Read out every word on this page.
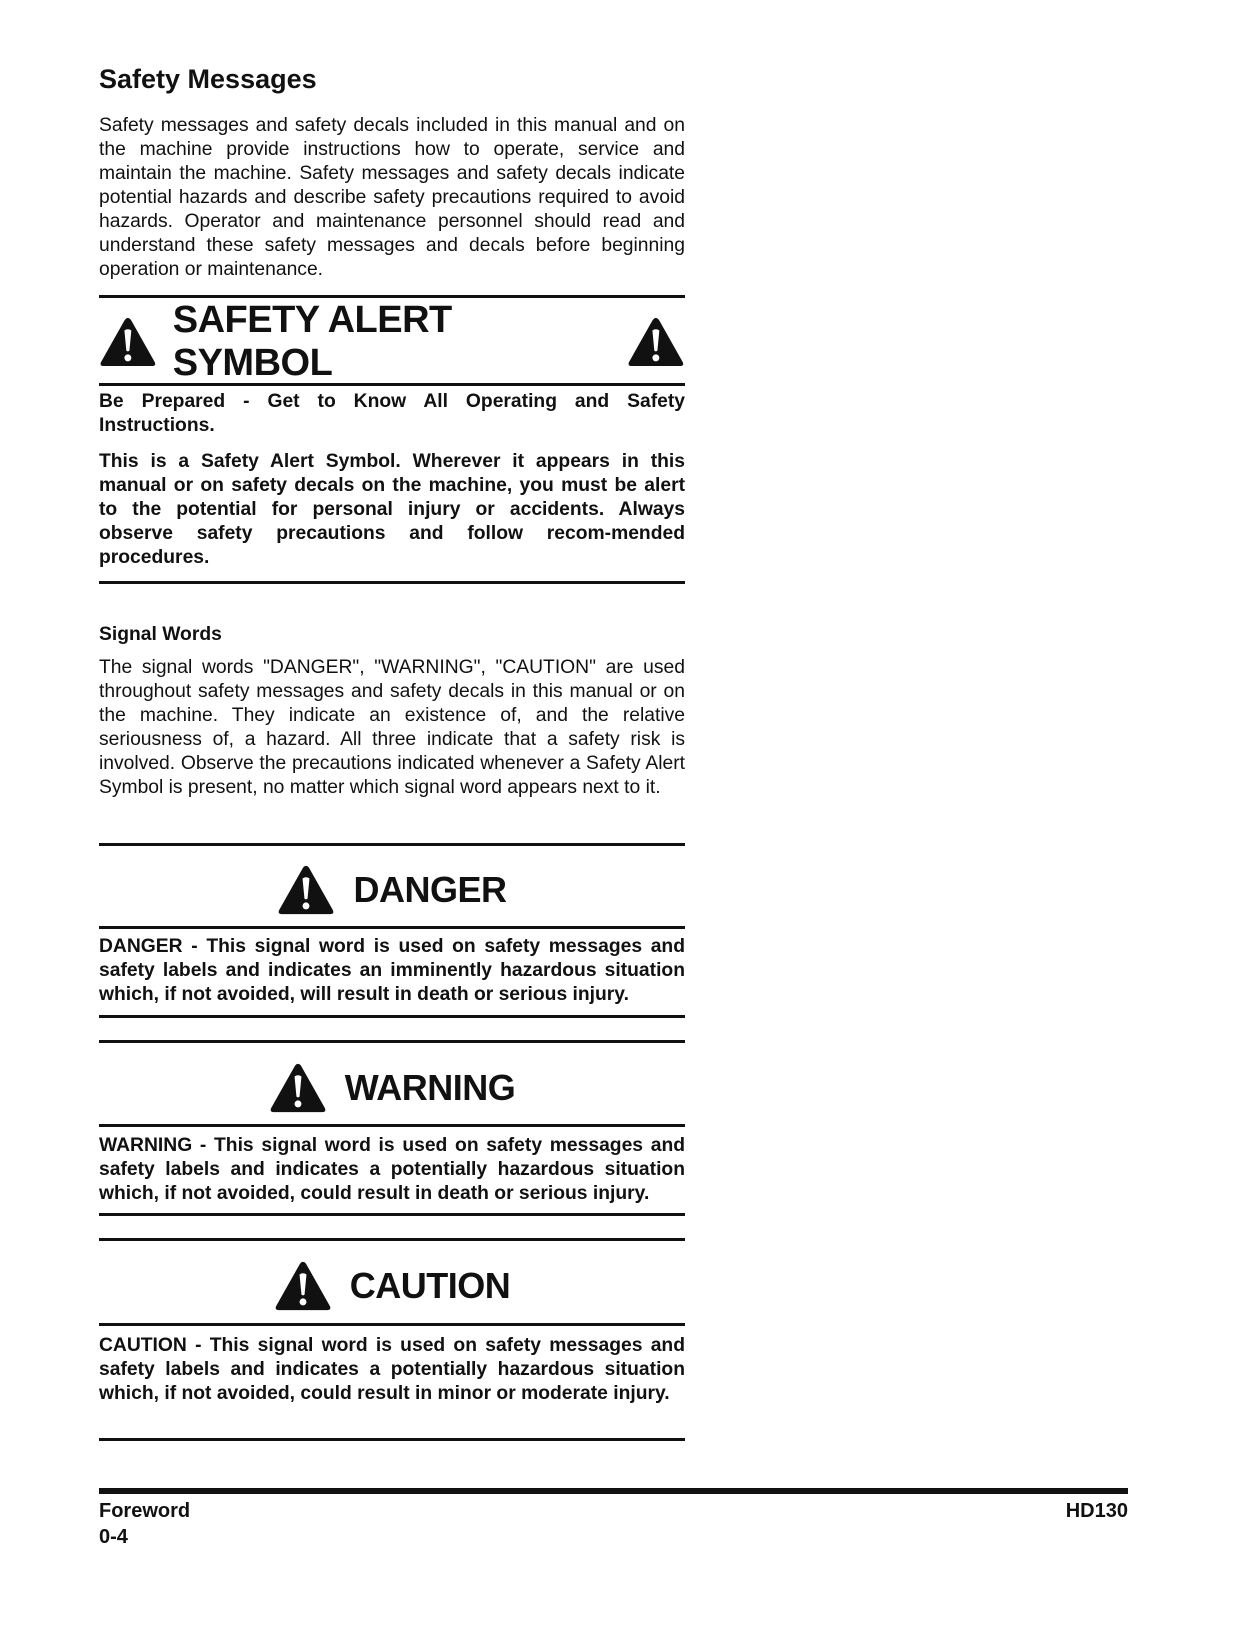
Safety Messages

Safety messages and safety decals included in this manual and on the machine provide instructions how to operate, service and maintain the machine. Safety messages and safety decals indicate potential hazards and describe safety precautions required to avoid hazards. Operator and maintenance personnel should read and understand these safety messages and decals before beginning operation or maintenance.

SAFETY ALERT SYMBOL

Be Prepared - Get to Know All Operating and Safety Instructions.

This is a Safety Alert Symbol. Wherever it appears in this manual or on safety decals on the machine, you must be alert to the potential for personal injury or accidents. Always observe safety precautions and follow recom-mended procedures.

Signal Words

The signal words "DANGER", "WARNING", "CAUTION" are used throughout safety messages and safety decals in this manual or on the machine. They indicate an existence of, and the relative seriousness of, a hazard. All three indicate that a safety risk is involved. Observe the precautions indicated whenever a Safety Alert Symbol is present, no matter which signal word appears next to it.

DANGER

DANGER - This signal word is used on safety messages and safety labels and indicates an imminently hazardous situation which, if not avoided, will result in death or serious injury.

WARNING

WARNING - This signal word is used on safety messages and safety labels and indicates a potentially hazardous situation which, if not avoided, could result in death or serious injury.

CAUTION

CAUTION - This signal word is used on safety messages and safety labels and indicates a potentially hazardous situation which, if not avoided, could result in minor or moderate injury.

Foreword
0-4
HD130
